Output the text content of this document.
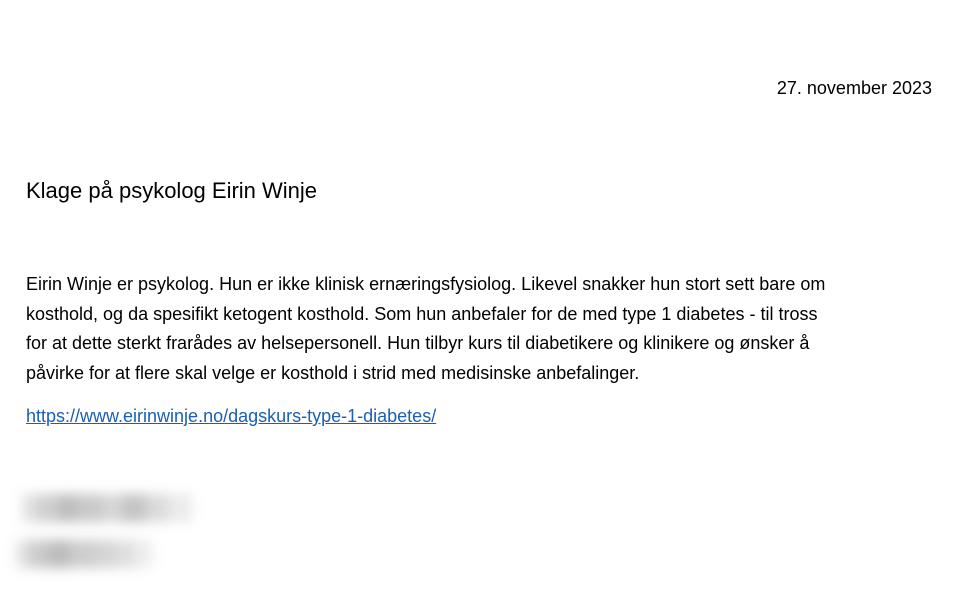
27. november 2023
Klage på psykolog Eirin Winje

Eirin Winje er psykolog. Hun er ikke klinisk ernæringsfysiolog. Likevel snakker hun stort sett bare om
kosthold, og da spesifikt ketogent kosthold. Som hun anbefaler for de med type 1 diabetes - til tross
for at dette sterkt frarådes av helsepersonell. Hun tilbyr kurs til diabetikere og klinikere og ønsker å
påvirke for at flere skal velge er kosthold i strid med medisinske anbefalinger.

https://www.eirinwinje.no/dagskurs-type-1-diabetes/
